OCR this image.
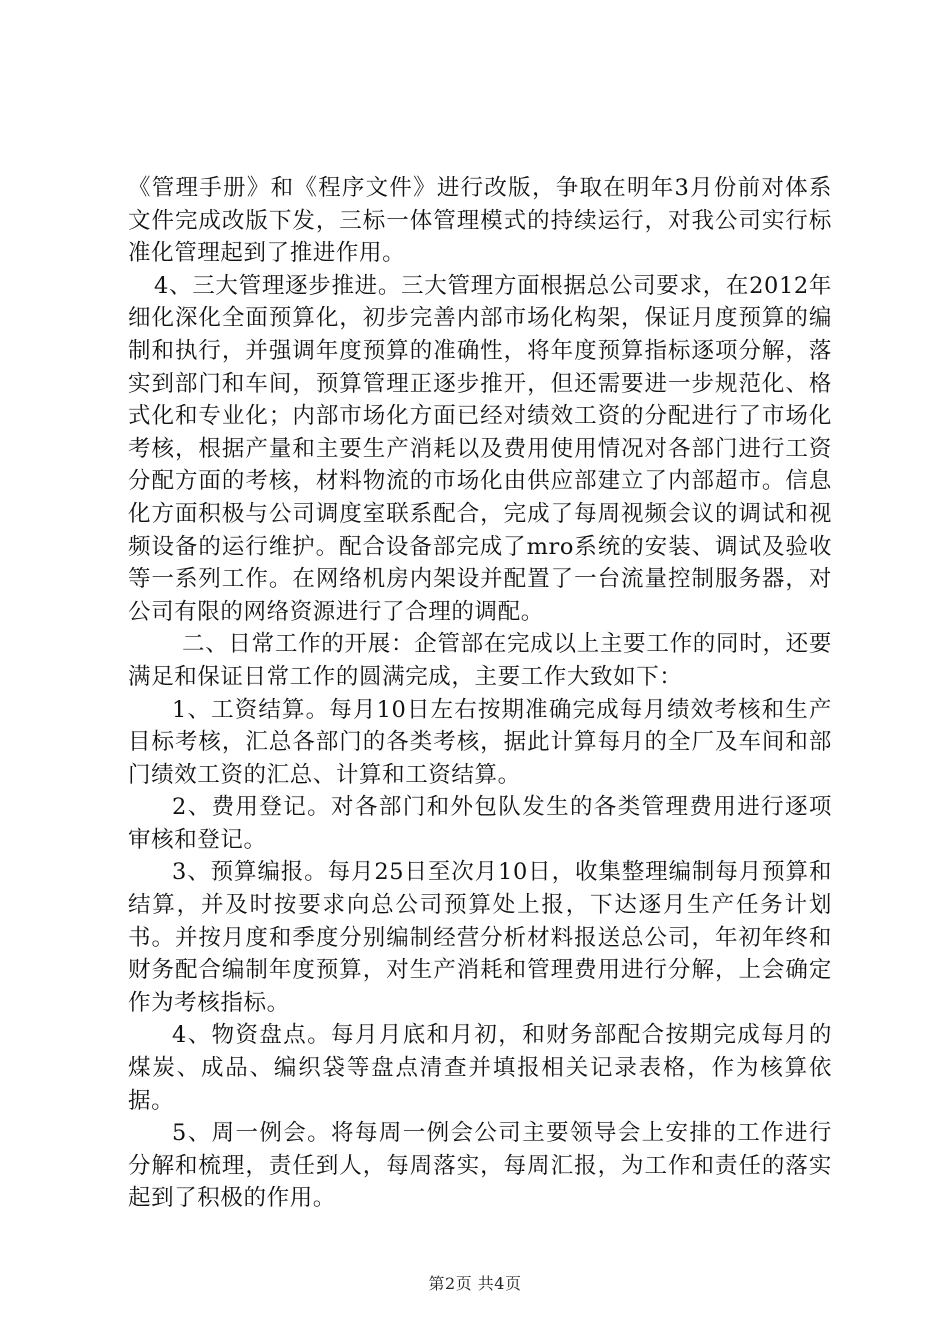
《管理手册》和《程序文件》进行改版，争取在明年3月份前对体系文件完成改版下发，三标一体管理模式的持续运行，对我公司实行标准化管理起到了推进作用。

4、三大管理逐步推进。三大管理方面根据总公司要求，在2012年细化深化全面预算化，初步完善内部市场化构架，保证月度预算的编制和执行，并强调年度预算的准确性，将年度预算指标逐项分解，落实到部门和车间，预算管理正逐步推开，但还需要进一步规范化、格式化和专业化；内部市场化方面已经对绩效工资的分配进行了市场化考核，根据产量和主要生产消耗以及费用使用情况对各部门进行工资分配方面的考核，材料物流的市场化由供应部建立了内部超市。信息化方面积极与公司调度室联系配合，完成了每周视频会议的调试和视频设备的运行维护。配合设备部完成了mro系统的安装、调试及验收等一系列工作。在网络机房内架设并配置了一台流量控制服务器，对公司有限的网络资源进行了合理的调配。

二、日常工作的开展：企管部在完成以上主要工作的同时，还要满足和保证日常工作的圆满完成，主要工作大致如下：

1、工资结算。每月10日左右按期准确完成每月绩效考核和生产目标考核，汇总各部门的各类考核，据此计算每月的全厂及车间和部门绩效工资的汇总、计算和工资结算。

2、费用登记。对各部门和外包队发生的各类管理费用进行逐项审核和登记。

3、预算编报。每月25日至次月10日，收集整理编制每月预算和结算，并及时按要求向总公司预算处上报，下达逐月生产任务计划书。并按月度和季度分别编制经营分析材料报送总公司，年初年终和财务配合编制年度预算，对生产消耗和管理费用进行分解，上会确定作为考核指标。

4、物资盘点。每月月底和月初，和财务部配合按期完成每月的煤炭、成品、编织袋等盘点清查并填报相关记录表格，作为核算依据。

5、周一例会。将每周一例会公司主要领导会上安排的工作进行分解和梳理，责任到人，每周落实，每周汇报，为工作和责任的落实起到了积极的作用。

第2页 共4页
